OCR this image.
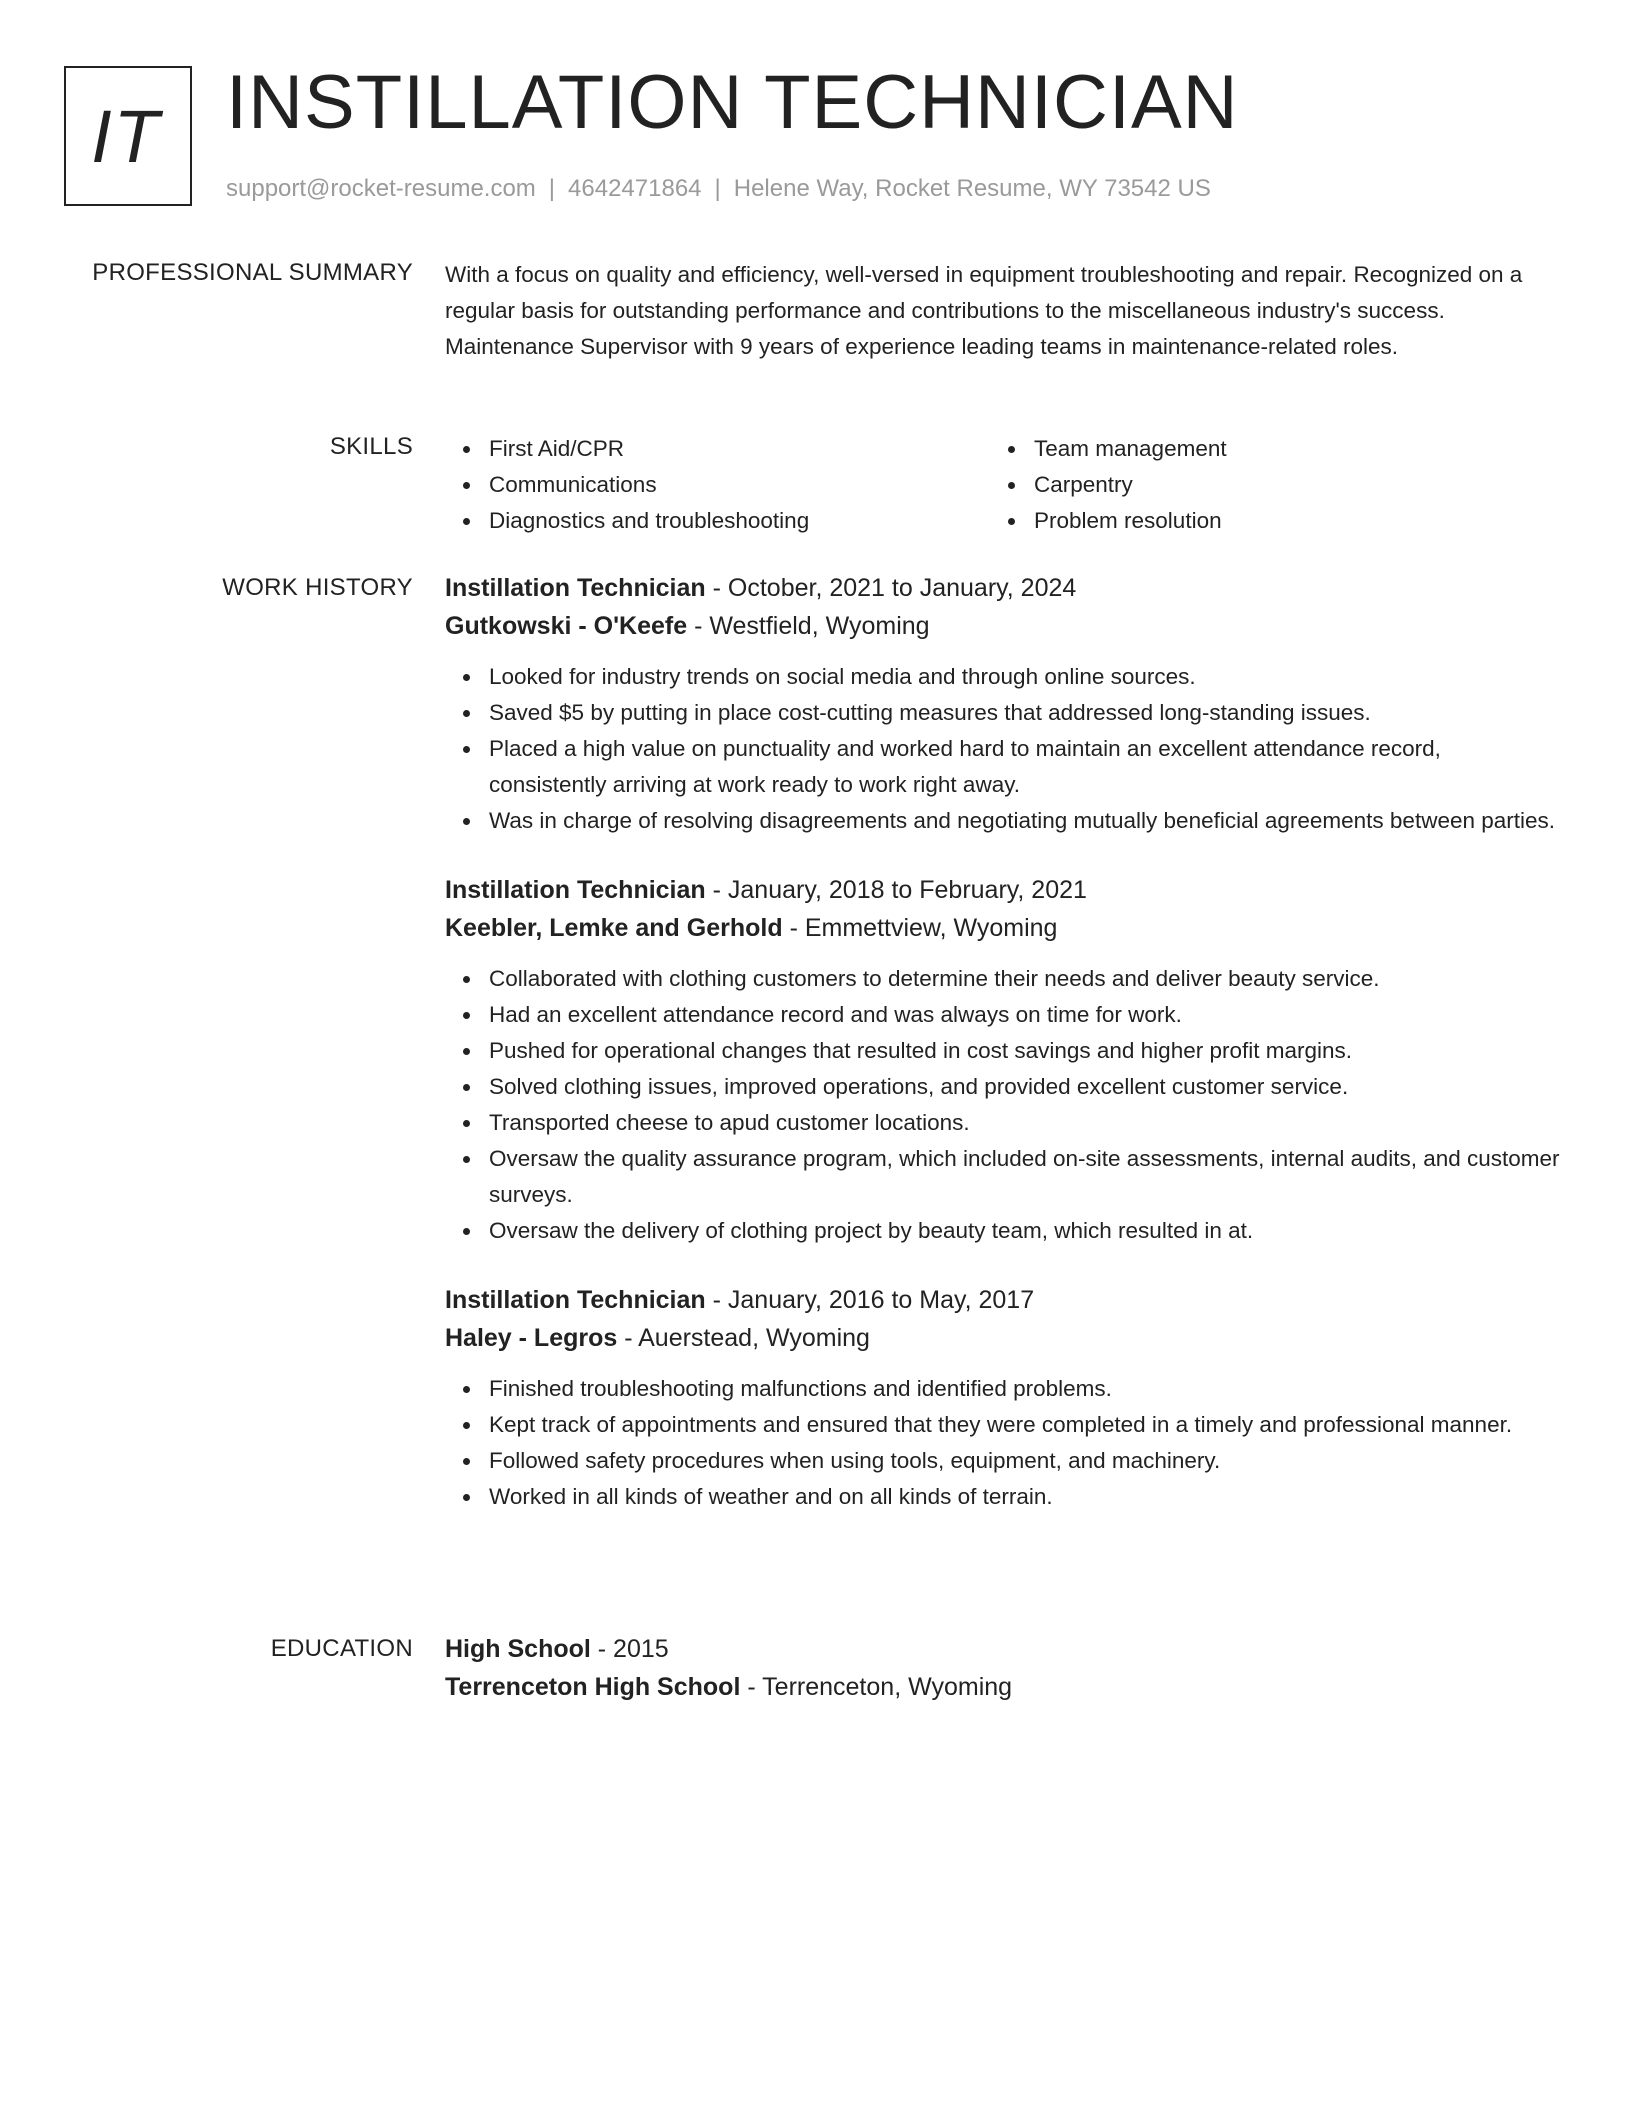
IT INSTILLATION TECHNICIAN
support@rocket-resume.com | 4642471864 | Helene Way, Rocket Resume, WY 73542 US
PROFESSIONAL SUMMARY With a focus on quality and efficiency, well-versed in equipment troubleshooting and repair. Recognized on a regular basis for outstanding performance and contributions to the miscellaneous industry's success. Maintenance Supervisor with 9 years of experience leading teams in maintenance-related roles.

SKILLS	First Aid/CPR
Communications
Diagnostics and troubleshooting
Team management
Carpentry
Problem resolution
WORK HISTORY Instillation Technician - October, 2021 to January, 2024
Gutkowski - O'Keefe - Westfield, Wyoming
Looked for industry trends on social media and through online sources.
Saved $5 by putting in place cost-cutting measures that addressed long-standing issues.
Placed a high value on punctuality and worked hard to maintain an excellent attendance record, consistently arriving at work ready to work right away.
Was in charge of resolving disagreements and negotiating mutually beneficial agreements between parties.
Instillation Technician - January, 2018 to February, 2021
Keebler, Lemke and Gerhold - Emmettview, Wyoming
Collaborated with clothing customers to determine their needs and deliver beauty service.
Had an excellent attendance record and was always on time for work.
Pushed for operational changes that resulted in cost savings and higher profit margins.
Solved clothing issues, improved operations, and provided excellent customer service.
Transported cheese to apud customer locations.
Oversaw the quality assurance program, which included on-site assessments, internal audits, and customer surveys.
Oversaw the delivery of clothing project by beauty team, which resulted in at.
Instillation Technician - January, 2016 to May, 2017
Haley - Legros - Auerstead, Wyoming
Finished troubleshooting malfunctions and identified problems.
Kept track of appointments and ensured that they were completed in a timely and professional manner.
Followed safety procedures when using tools, equipment, and machinery.
Worked in all kinds of weather and on all kinds of terrain.
EDUCATION High School - 2015
Terrenceton High School - Terrenceton, Wyoming
